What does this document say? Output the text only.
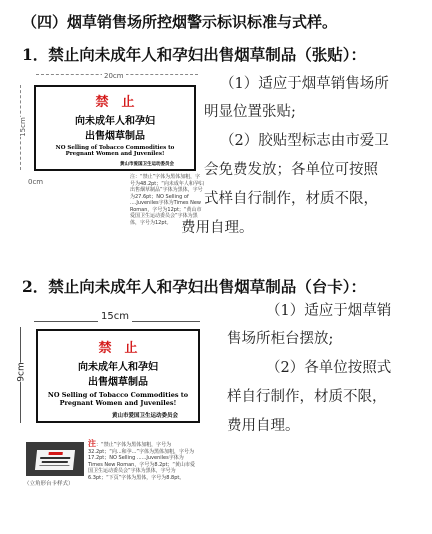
（四）烟草销售场所控烟警示标识标准与式样。
1．禁止向未成年人和孕妇出售烟草制品（张贴）：
20cm
15cm
0cm
禁　止
向未成年人和孕妇
出售烟草制品
NO Selling of Tobacco Commodities to
Pregnant Women and Juveniles!
黄山市爱国卫生运动委员会
注：“禁止”字体为黑体加粗，字号为48.2pt；“向未成年人和孕妇出售烟草制品”字体为黑体，字号为27.6pt；NO Selling of ....Juveniles字体为Times New Roman，字号为12pt；“黄山市爱国卫生运动委员会”字体为黑体，字号为12pt。
（1）适应于烟草销售场所
明显位置张贴;
（2）胶贴型标志由市爱卫
会免费发放；各单位可按照
式样自行制作，材质不限，
费用自理。
2．禁止向未成年人和孕妇出售烟草制品（台卡）：
15cm
9cm
禁　止
向未成年人和孕妇
出售烟草制品
NO Selling of Tobacco Commodities to
Pregnant Women and Juveniles!
黄山市爱国卫生运动委员会
（1）适应于烟草销
售场所柜台摆放;
（2）各单位按照式
样自行制作，材质不限，
费用自理。
（立角形台卡样式）
注：“禁止”字体为黑体加粗，字号为32.2pt；“向...和孕...”字体为黑体加粗，字号为17.2pt；NO Selling ......Juveniles字体为Times New Roman，字号为8.2pt；“黄山市爱国卫生运动委员会”字体为黑体，字号为6.3pt；“下页”字体为黑体，字号为8.8pt。
